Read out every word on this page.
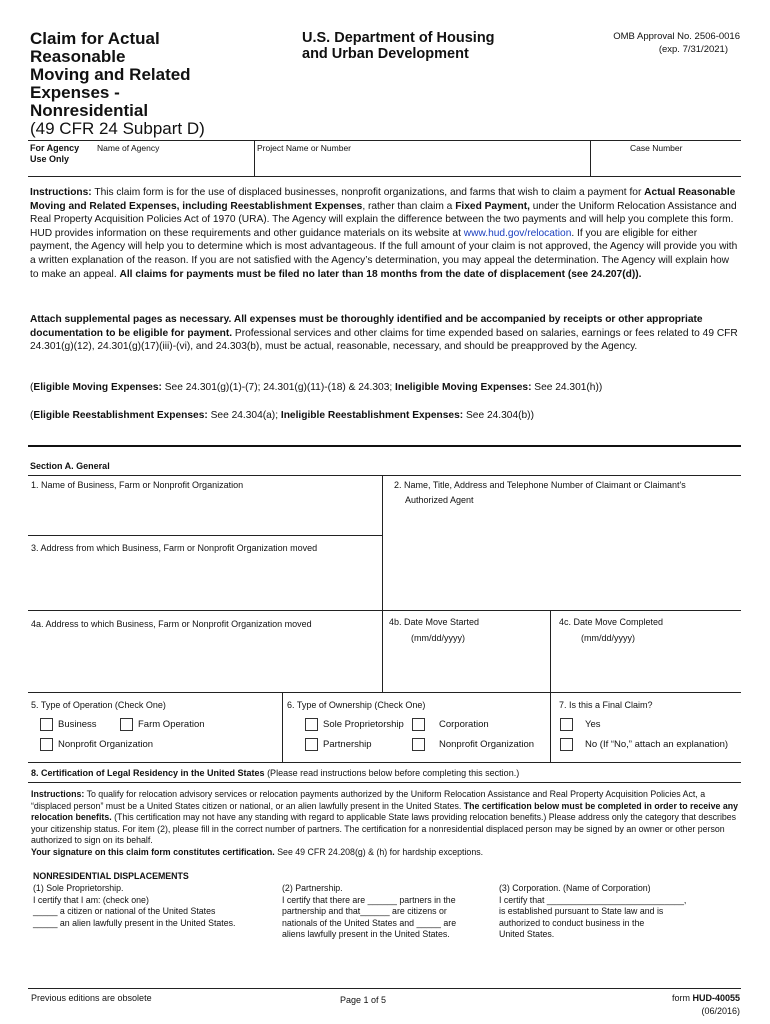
Claim for Actual
Reasonable
Moving and Related
Expenses -
Nonresidential
(49 CFR 24 Subpart D)
U.S. Department of Housing
and Urban Development
OMB Approval No. 2506-0016
(exp. 7/31/2021)
For Agency Use Only
Name of Agency	Project Name or Number	Case Number
Instructions: This claim form is for the use of displaced businesses, nonprofit organizations, and farms that wish to claim a payment for Actual Reasonable Moving and Related Expenses, including Reestablishment Expenses, rather than claim a Fixed Payment, under the Uniform Relocation Assistance and Real Property Acquisition Policies Act of 1970 (URA). The Agency will explain the difference between the two payments and will help you complete this form. HUD provides information on these requirements and other guidance materials on its website at www.hud.gov/relocation. If you are eligible for either payment, the Agency will help you to determine which is most advantageous. If the full amount of your claim is not approved, the Agency will provide you with a written explanation of the reason. If you are not satisfied with the Agency’s determination, you may appeal the determination. The Agency will explain how to make an appeal. All claims for payments must be filed no later than 18 months from the date of displacement (see 24.207(d)).
Attach supplemental pages as necessary. All expenses must be thoroughly identified and be accompanied by receipts or other appropriate documentation to be eligible for payment. Professional services and other claims for time expended based on salaries, earnings or fees related to 49 CFR 24.301(g)(12), 24.301(g)(17)(iii)-(vi), and 24.303(b), must be actual, reasonable, necessary, and should be preapproved by the Agency.
(Eligible Moving Expenses: See 24.301(g)(1)-(7); 24.301(g)(11)-(18) & 24.303; Ineligible Moving Expenses: See 24.301(h))
(Eligible Reestablishment Expenses: See 24.304(a); Ineligible Reestablishment Expenses: See 24.304(b))
Section A. General
1. Name of Business, Farm or Nonprofit Organization	2. Name, Title, Address and Telephone Number of Claimant or Claimant's
Authorized Agent
3. Address from which Business, Farm or Nonprofit Organization moved
4a. Address to which Business, Farm or Nonprofit Organization moved	4b. Date Move Started
(mm/dd/yyyy)
4c. Date Move Completed
(mm/dd/yyyy)
5. Type of Operation (Check One)
Business	Farm Operation
Nonprofit Organization
6. Type of Ownership (Check One)
Sole Proprietorship	Corporation
Partnership	Nonprofit Organization
7. Is this a Final Claim?
Yes
No (If “No,” attach an explanation)
8. Certification of Legal Residency in the United States (Please read instructions below before completing this section.)
Instructions: To qualify for relocation advisory services or relocation payments authorized by the Uniform Relocation Assistance and Real Property Acquisition Policies Act, a “displaced person” must be a United States citizen or national, or an alien lawfully present in the United States. The certification below must be completed in order to receive any relocation benefits. (This certification may not have any standing with regard to applicable State laws providing relocation benefits.) Please address only the category that describes your citizenship status. For item (2), please fill in the correct number of partners. The certification for a nonresidential displaced person may be signed by an owner or other person authorized to sign on its behalf.
Your signature on this claim form constitutes certification. See 49 CFR 24.208(g) & (h) for hardship exceptions.
NONRESIDENTIAL DISPLACEMENTS
(1) Sole Proprietorship.
I certify that I am: (check one)
_____ a citizen or national of the United States
_____ an alien lawfully present in the United States.
(2) Partnership.
I certify that there are ______ partners in the
partnership and that______ are citizens or
nationals of the United States and _____ are
aliens lawfully present in the United States.
(3) Corporation. (Name of Corporation)
I certify that ____________________________,
is established pursuant to State law and is
authorized to conduct business in the
United States.
Previous editions are obsolete	Page 1 of 5	form HUD-40055
(06/2016)
